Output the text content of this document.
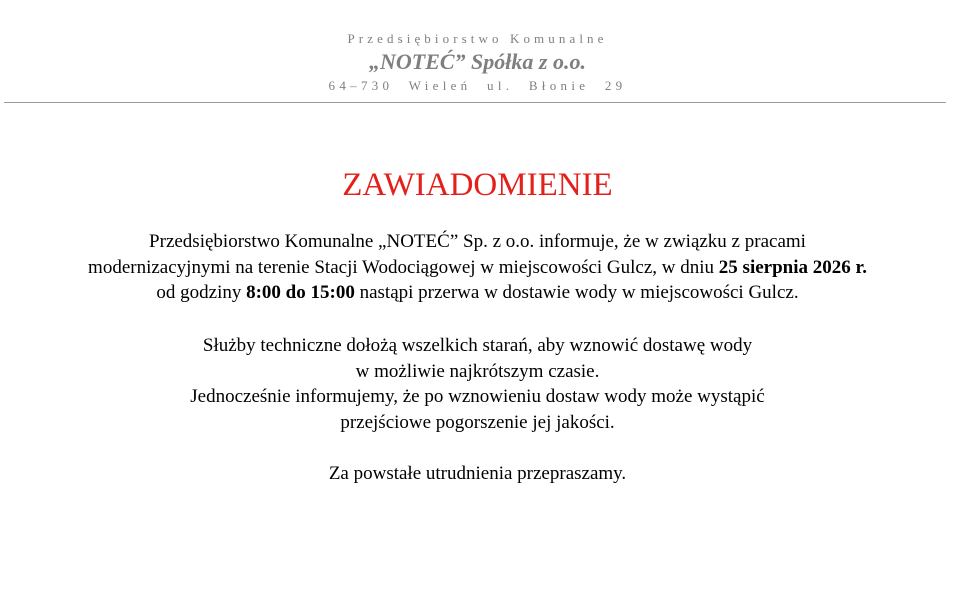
Przedsiębiorstwo Komunalne
„NOTEĆ” Spółka z o.o.
64–730 Wieleń ul. Błonie 29
ZAWIADOMIENIE
Przedsiębiorstwo Komunalne „NOTEĆ” Sp. z o.o. informuje, że w związku z pracami
modernizacyjnymi na terenie Stacji Wodociągowej w miejscowości Gulcz, w dniu 25 sierpnia 2026 r.
od godziny 8:00 do 15:00 nastąpi przerwa w dostawie wody w miejscowości Gulcz.
Służby techniczne dołożą wszelkich starań, aby wznowić dostawę wody
w możliwie najkrótszym czasie.
Jednocześnie informujemy, że po wznowieniu dostaw wody może wystąpić
przejściowe pogorszenie jej jakości.
Za powstałe utrudnienia przepraszamy.
